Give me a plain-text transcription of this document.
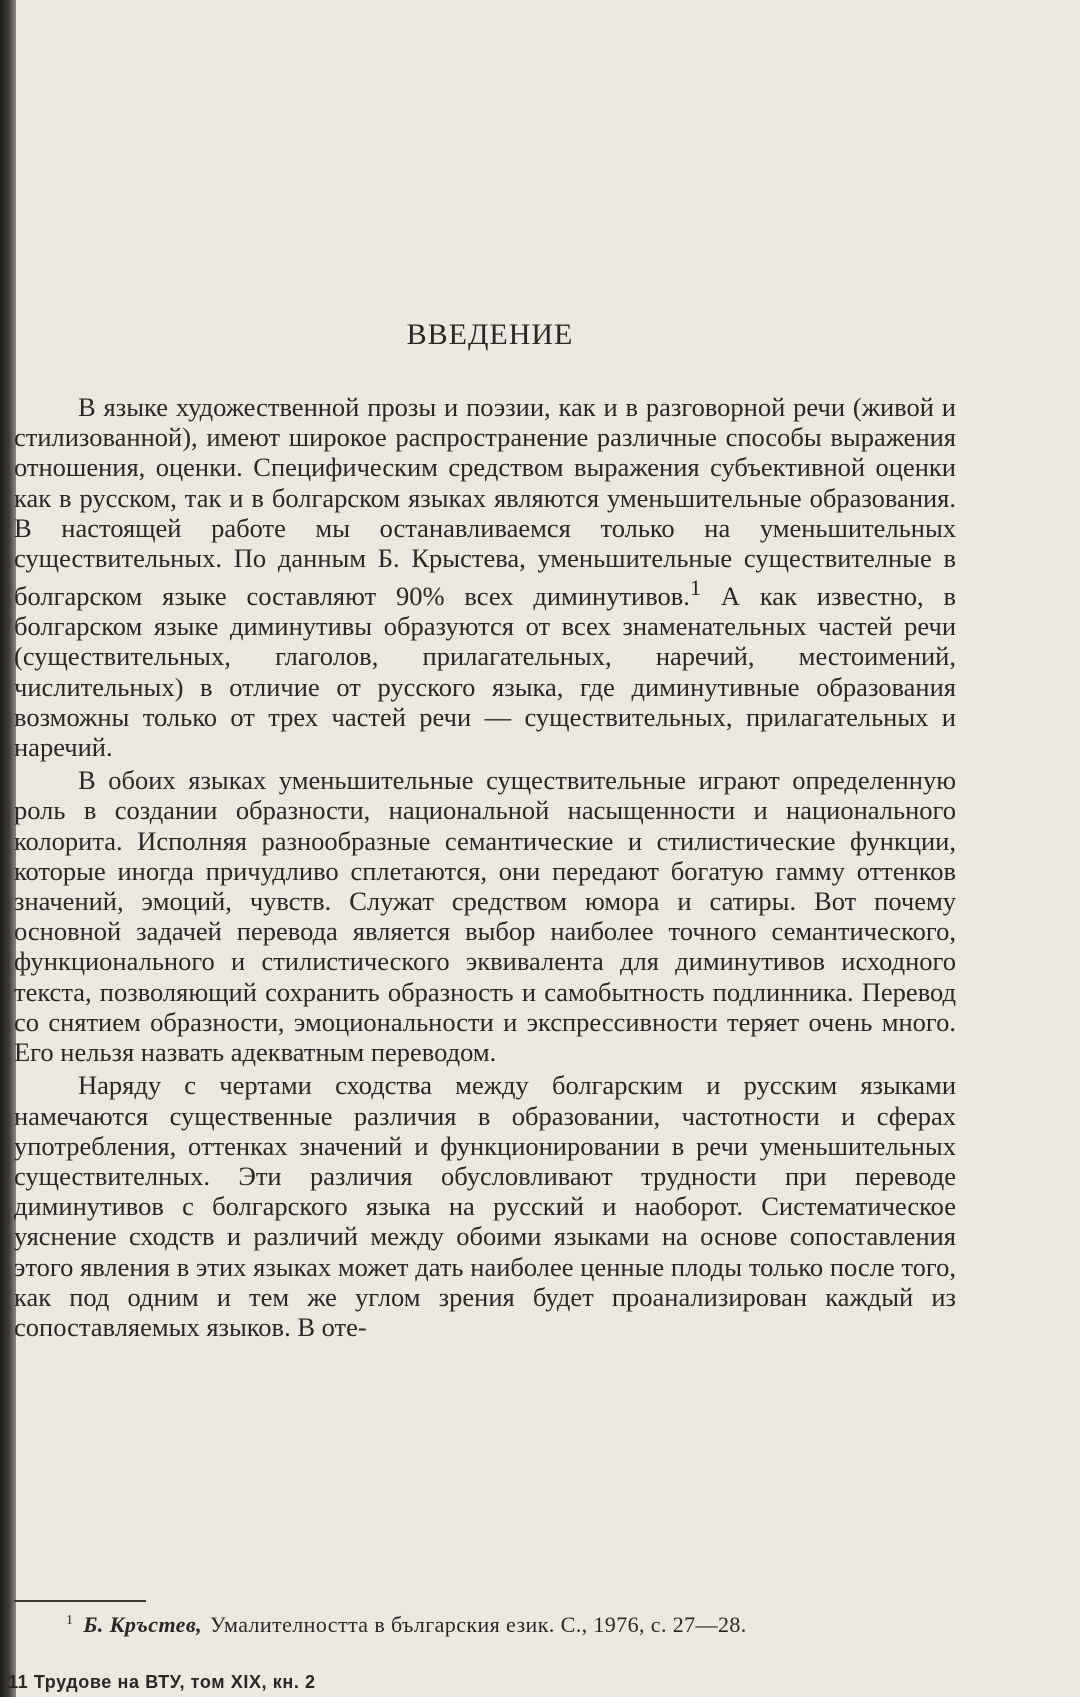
ВВЕДЕНИЕ

В языке художественной прозы и поэзии, как и в разговорной речи (живой и стилизованной), имеют широкое распространение различные способы выражения отношения, оценки. Специфическим средством выражения субъективной оценки как в русском, так и в болгарском языках являются уменьшительные образования. В настоящей работе мы останавливаемся только на уменьшительных существительных. По данным Б. Крыстева, уменьшительные существителные в болгарском языке составляют 90% всех диминутивов.$^1$ А как известно, в болгарском языке диминутивы образуются от всех знаменательных частей речи (существительных, глаголов, прилагательных, наречий, местоимений, числительных) в отличие от русского языка, где диминутивные образования возможны только от трех частей речи — существительных, прилагательных и наречий.

В обоих языках уменьшительные существительные играют определенную роль в создании образности, национальной насыщенности и национального колорита. Исполняя разнообразные семантические и стилистические функции, которые иногда причудливо сплетаются, они передают богатую гамму оттенков значений, эмоций, чувств. Служат средством юмора и сатиры. Вот почему основной задачей перевода является выбор наиболее точного семантического, функционального и стилистического эквивалента для диминутивов исходного текста, позволяющий сохранить образность и самобытность подлинника. Перевод со снятием образности, эмоциональности и экспрессивности теряет очень много. Его нельзя назвать адекватным переводом.

Наряду с чертами сходства между болгарским и русским языками намечаются существенные различия в образовании, частотности и сферах употребления, оттенках значений и функционировании в речи уменьшительных существителных. Эти различия обусловливают трудности при переводе диминутивов с болгарского языка на русский и наоборот. Систематическое уяснение сходств и различий между обоими языками на основе сопоставления этого явления в этих языках может дать наиболее ценные плоды только после того, как под одним и тем же углом зрения будет проанализирован каждый из сопоставляемых языков. В оте-

$^1$ Б. Кръстев, Умалителността в българския език. С., 1976, с. 27—28.
11 Трудове на ВТУ, том XIX, кн. 2
